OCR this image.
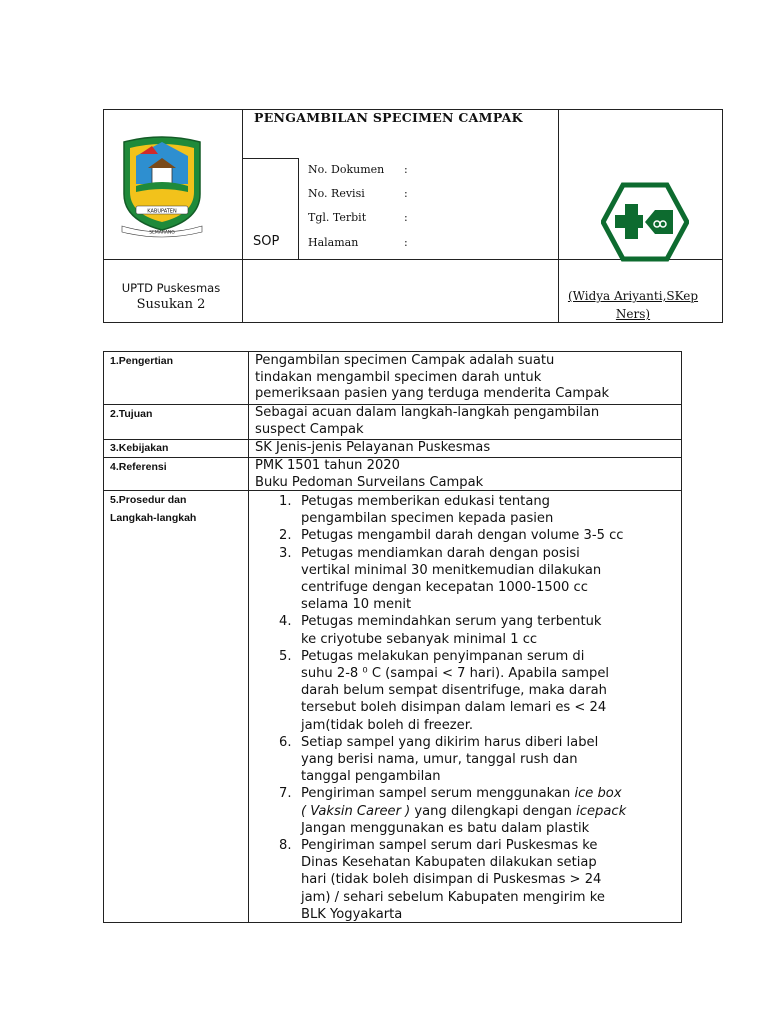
KABUPATEN
SEMARANG
PENGAMBILAN SPECIMEN CAMPAK
No. Dokumen :
No. Revisi	:
Tgl. Terbit	:
Halaman	:
SOP
UPTD Puskesmas
Susukan 2
(Widya Ariyanti,SKep
Ners)
1.Pengertian	Pengambilan specimen Campak adalah suatu
tindakan mengambil specimen darah untuk
pemeriksaan pasien yang terduga menderita Campak
2.Tujuan	Sebagai acuan dalam langkah-langkah pengambilan
suspect Campak
3.Kebijakan	SK Jenis-jenis Pelayanan Puskesmas
4.Referensi	PMK 1501 tahun 2020
Buku Pedoman Surveilans Campak
5.Prosedur dan
Langkah-langkah
1. Petugas memberikan edukasi tentang
pengambilan specimen kepada pasien
2. Petugas mengambil darah dengan volume 3-5 cc
3. Petugas mendiamkan darah dengan posisi
vertikal minimal 30 menitkemudian dilakukan
centrifuge dengan kecepatan 1000-1500 cc
selama 10 menit
4. Petugas memindahkan serum yang terbentuk
ke criyotube sebanyak minimal 1 cc
5. Petugas melakukan penyimpanan serum di
suhu 2-8 ⁰ C (sampai < 7 hari). Apabila sampel
darah belum sempat disentrifuge, maka darah
tersebut boleh disimpan dalam lemari es < 24
jam(tidak boleh di freezer.
6. Setiap sampel yang dikirim harus diberi label
yang berisi nama, umur, tanggal rush dan
tanggal pengambilan
7. Pengiriman sampel serum menggunakan ice box
( Vaksin Career ) yang dilengkapi dengan icepack
Jangan menggunakan es batu dalam plastik
8. Pengiriman sampel serum dari Puskesmas ke
Dinas Kesehatan Kabupaten dilakukan setiap
hari (tidak boleh disimpan di Puskesmas > 24
jam) / sehari sebelum Kabupaten mengirim ke
BLK Yogyakarta
